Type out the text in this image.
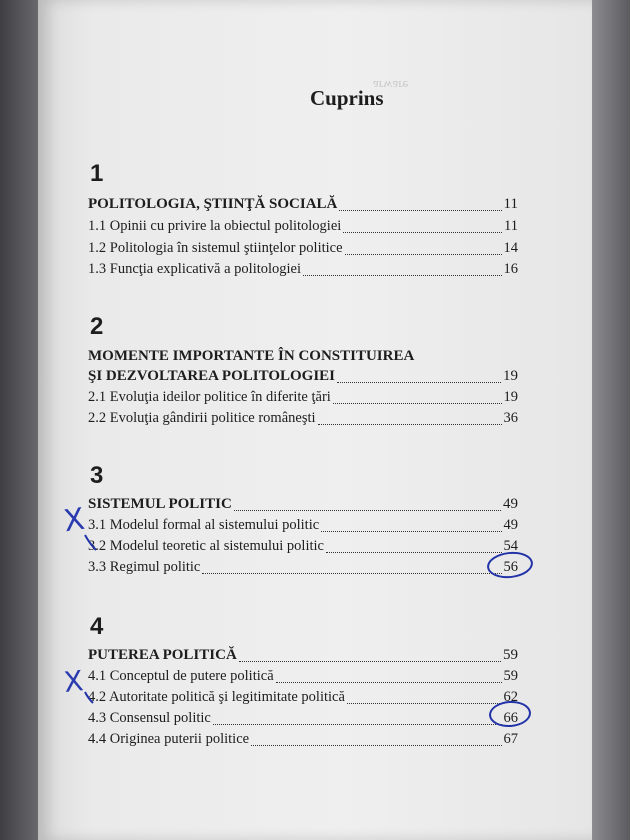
ǝɹɐʍɹɐ
Cuprins
1
POLITOLOGIA, ŞTIINŢĂ SOCIALĂ	11
1.1 Opinii cu privire la obiectul politologiei	11
1.2 Politologia în sistemul ştiinţelor politice	14
1.3 Funcţia explicativă a politologiei	16
2
MOMENTE IMPORTANTE ÎN CONSTITUIREA
ŞI DEZVOLTAREA POLITOLOGIEI	19
2.1 Evoluţia ideilor politice în diferite ţări	19
2.2 Evoluţia gândirii politice româneşti	36
3
SISTEMUL POLITIC	49
3.1 Modelul formal al sistemului politic	49
3.2 Modelul teoretic al sistemului politic	54
3.3 Regimul politic	56
4
PUTEREA POLITICĂ	59
4.1 Conceptul de putere politică	59
4.2 Autoritate politică şi legitimitate politică	62
4.3 Consensul politic	66
4.4 Originea puterii politice	67
X
X
